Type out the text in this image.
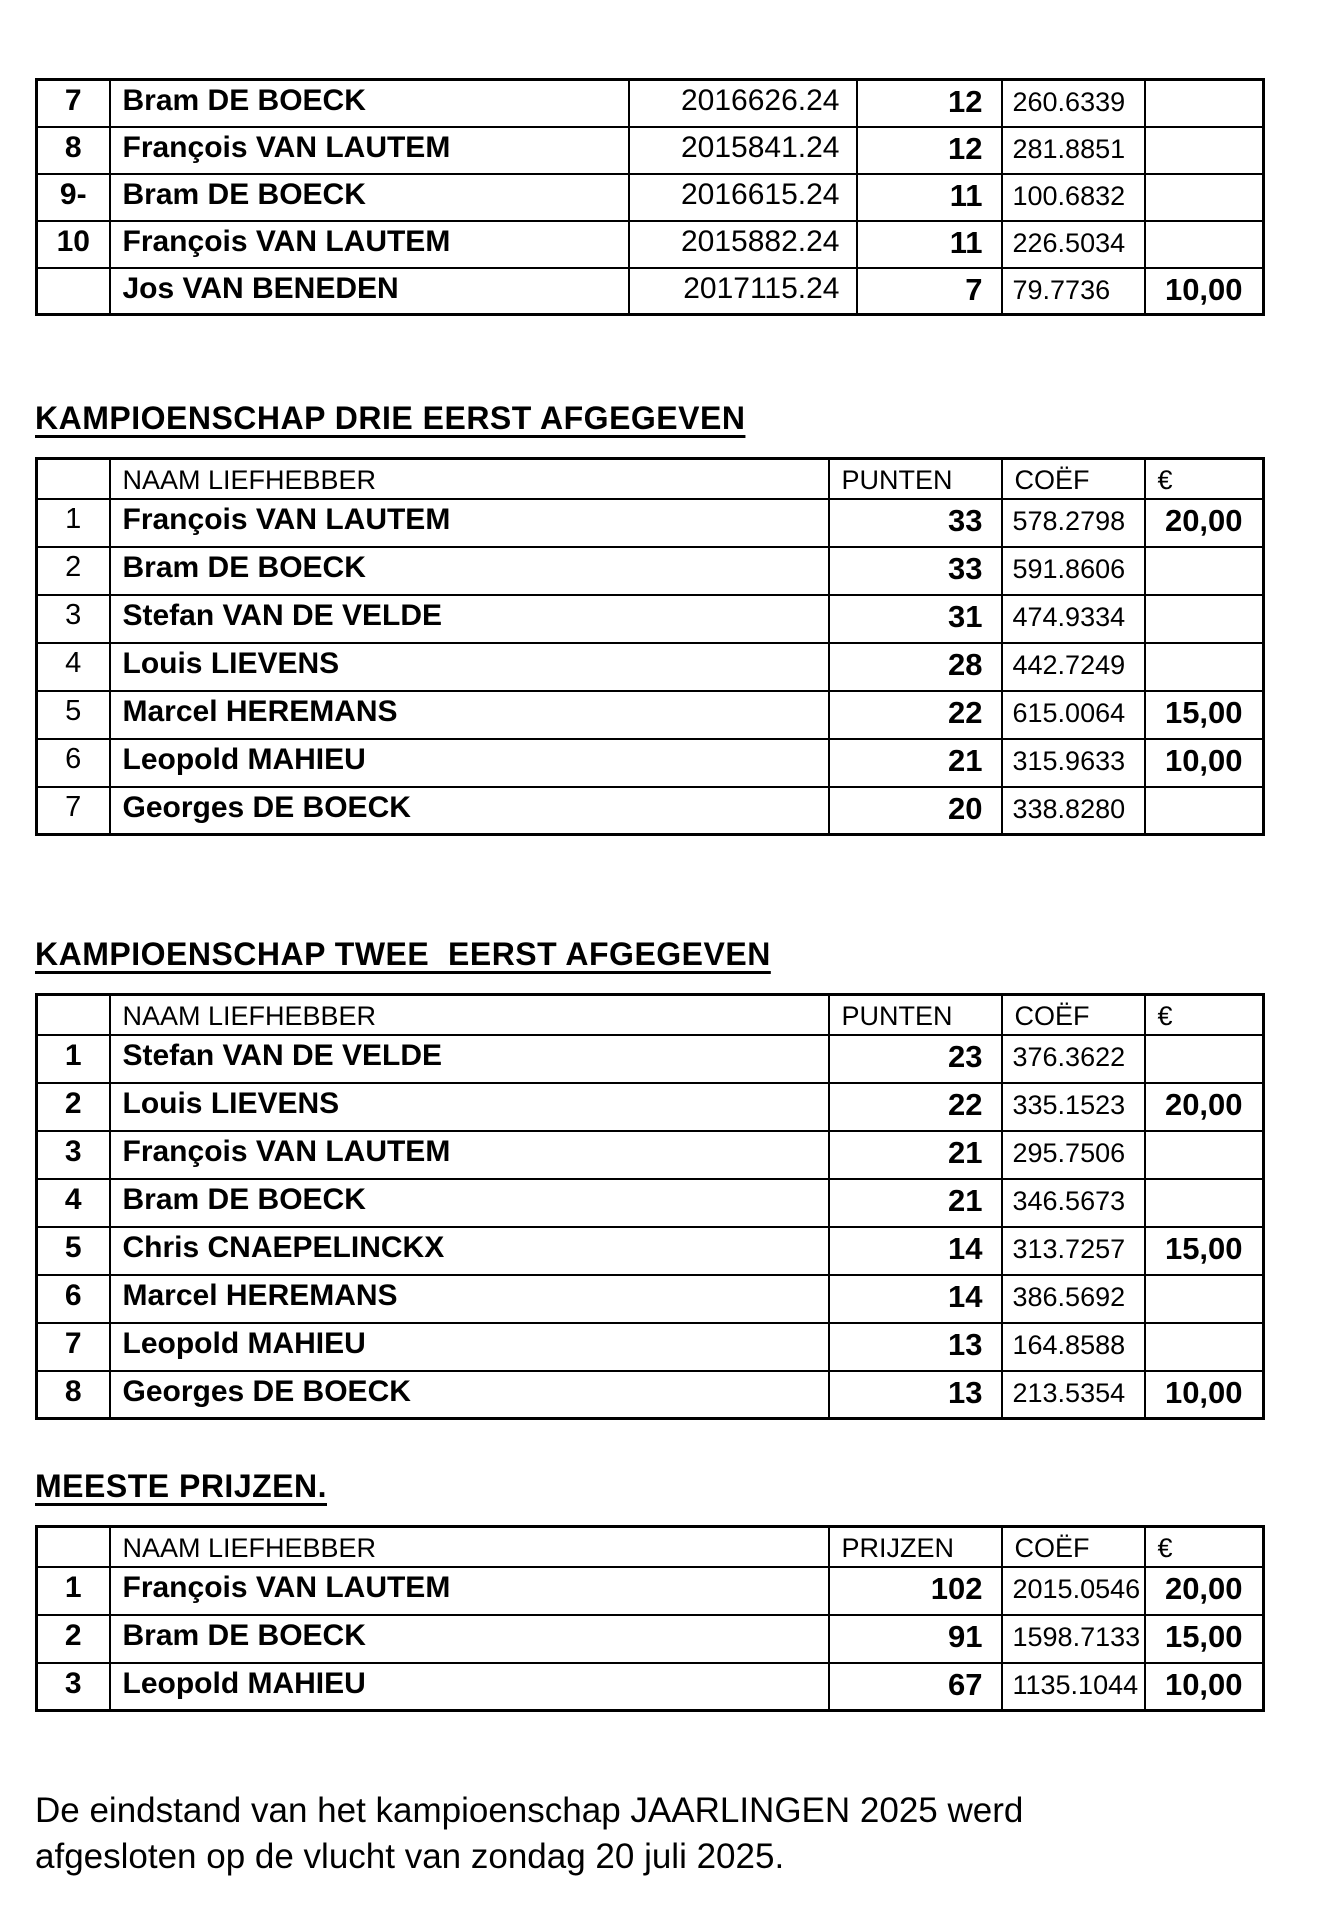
7	Bram DE BOECK	2016626.24	12	260.6339	
8	François VAN LAUTEM	2015841.24	12	281.8851	
9-	Bram DE BOECK	2016615.24	11	100.6832	
10	François VAN LAUTEM	2015882.24	11	226.5034	
	Jos VAN BENEDEN	2017115.24	7	79.7736	10,00
KAMPIOENSCHAP DRIE EERST AFGEGEVEN
	NAAM LIEFHEBBER	PUNTEN	COËF	€
1	François VAN LAUTEM	33	578.2798	20,00
2	Bram DE BOECK	33	591.8606	
3	Stefan VAN DE VELDE	31	474.9334	
4	Louis LIEVENS	28	442.7249	
5	Marcel HEREMANS	22	615.0064	15,00
6	Leopold MAHIEU	21	315.9633	10,00
7	Georges DE BOECK	20	338.8280	
KAMPIOENSCHAP TWEE  EERST AFGEGEVEN
	NAAM LIEFHEBBER	PUNTEN	COËF	€
1	Stefan VAN DE VELDE	23	376.3622	
2	Louis LIEVENS	22	335.1523	20,00
3	François VAN LAUTEM	21	295.7506	
4	Bram DE BOECK	21	346.5673	
5	Chris CNAEPELINCKX	14	313.7257	15,00
6	Marcel HEREMANS	14	386.5692	
7	Leopold MAHIEU	13	164.8588	
8	Georges DE BOECK	13	213.5354	10,00
MEESTE PRIJZEN.
	NAAM LIEFHEBBER	PRIJZEN	COËF	€
1	François VAN LAUTEM	102	2015.0546	20,00
2	Bram DE BOECK	91	1598.7133	15,00
3	Leopold MAHIEU	67	1135.1044	10,00
De eindstand van het kampioenschap JAARLINGEN 2025 werd
afgesloten op de vlucht van zondag 20 juli 2025.
